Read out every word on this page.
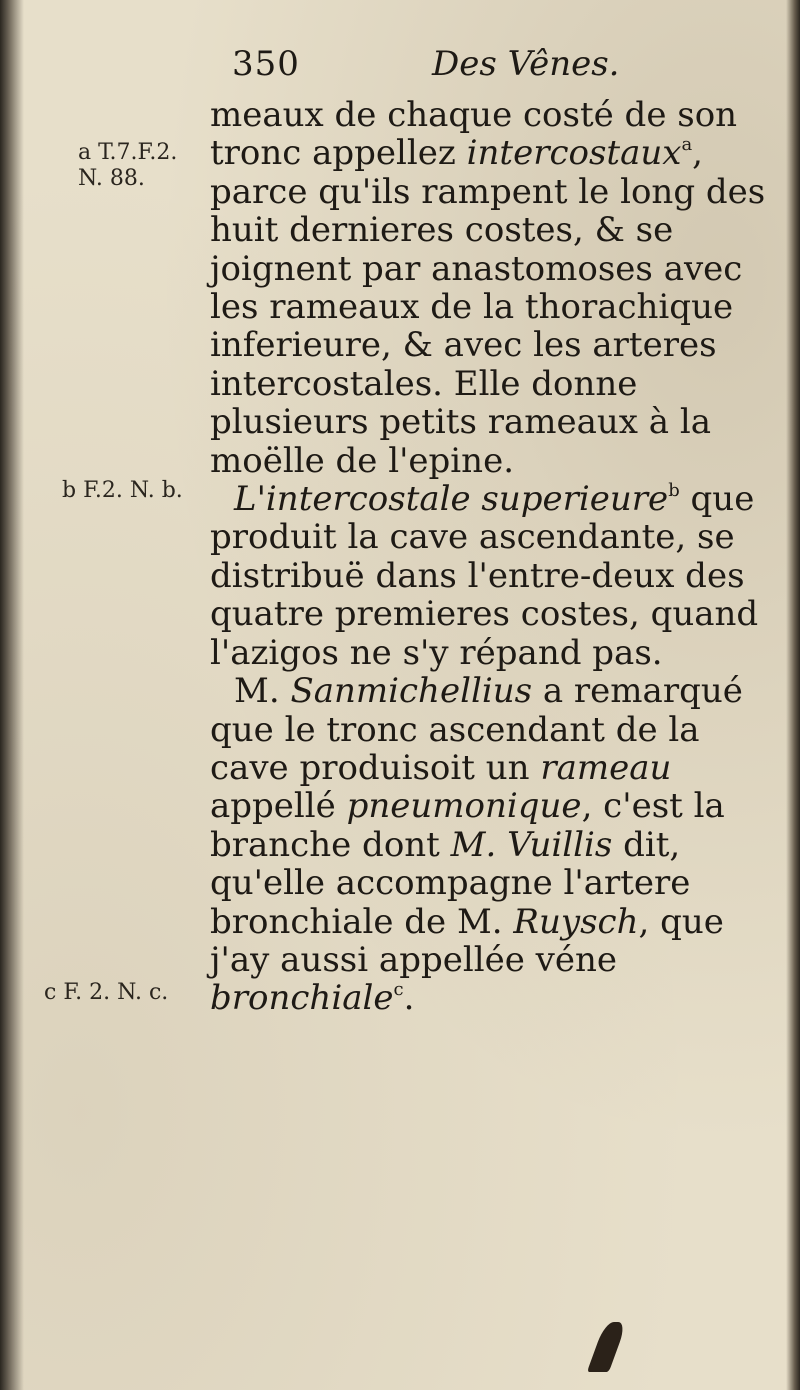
350	Des Vênes.
a T.7.F.2. N. 88.
b F.2. N. b.
c F. 2. N. c.

meaux de chaque costé de son tronc appellez intercostaux$^a$, parce qu'ils rampent le long des huit dernieres costes, & se joignent par anastomoses avec les rameaux de la thorachique inferieure, & avec les arteres intercostales. Elle donne plusieurs petits rameaux à la moëlle de l'epine.

L'intercostale superieure$^b$ que produit la cave ascendante, se distribuë dans l'entre-deux des quatre premieres costes, quand l'azigos ne s'y répand pas.

M. Sanmichellius a remarqué que le tronc ascendant de la cave produisoit un rameau appellé pneumonique, c'est la branche dont M. Vuillis dit, qu'elle accompagne l'artere bronchiale de M. Ruysch, que j'ay aussi appellée véne bronchiale$^c$.
